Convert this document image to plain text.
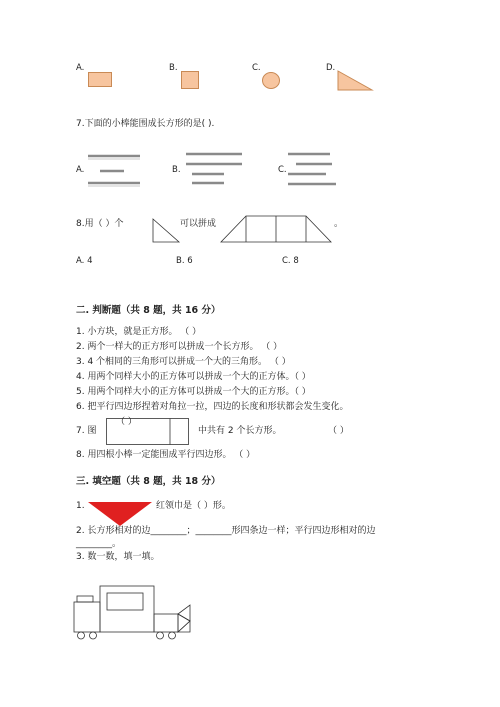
A.	B.	C.	D.
7.下面的小棒能围成长方形的是( ).
A.	B.	C.
8.用（ ）个	可以拼成	。
A. 4	B. 6	C. 8
二. 判断题（共 8 题，共 16 分）
1. 小方块，就是正方形。 （ ）
2. 两个一样大的正方形可以拼成一个长方形。 （ ）
3. 4 个相同的三角形可以拼成一个大的三角形。 （ ）
4. 用两个同样大小的正方体可以拼成一个大的正方体。（ ）
5. 用两个同样大小的正方体可以拼成一个大的正方形。（ ）
6. 把平行四边形捏着对角拉一拉，四边的长度和形状都会发生变化。
（ ）
7. 图	中共有 2 个长方形。	（ ）
8. 用四根小棒一定能围成平行四边形。 （ ）
三. 填空题（共 8 题，共 18 分）
1.	红领巾是（ ）形。
2. 长方形相对的边________；________形四条边一样；平行四边形相对的边
________。
3. 数一数，填一填。
